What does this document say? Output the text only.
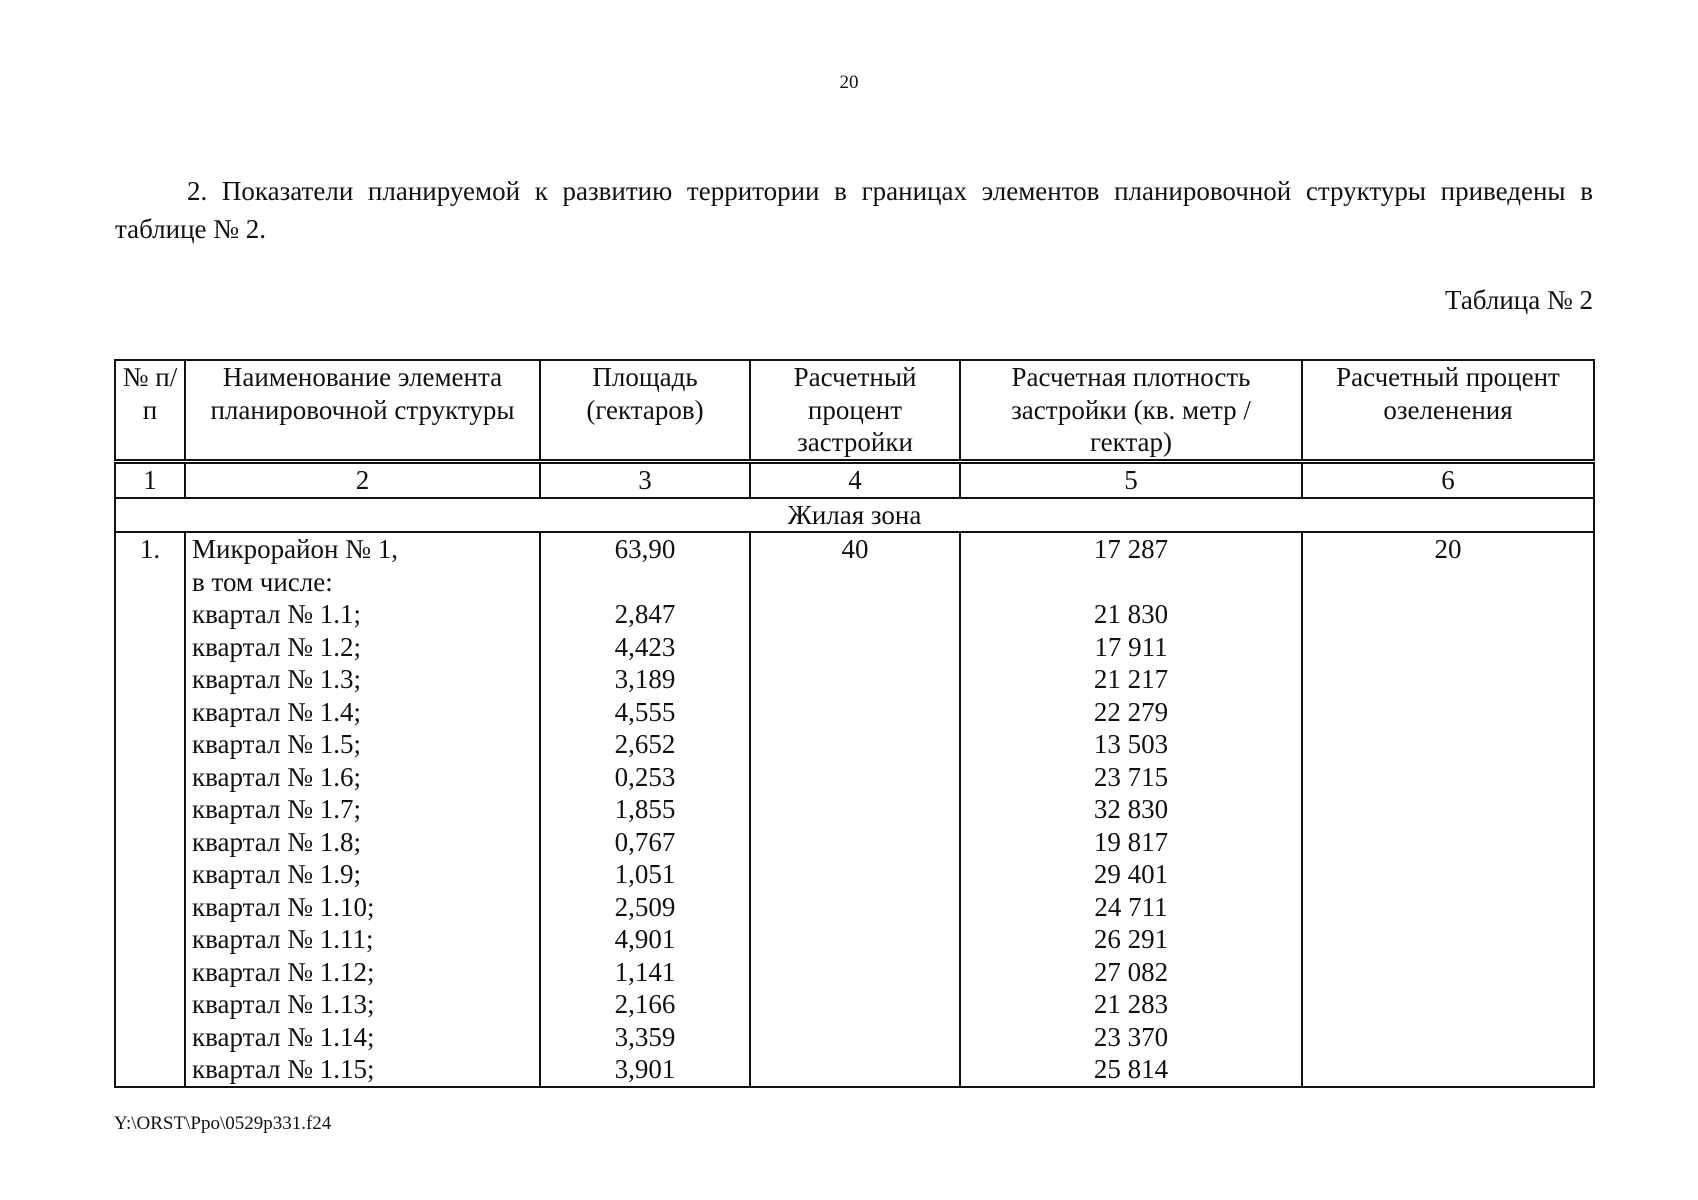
20

2. Показатели планируемой к развитию территории в границах элементов планировочной структуры приведены в таблице № 2.

Таблица № 2
№ п/п	Наименование элемента планировочной структуры	Площадь (гектаров)	Расчетный процент застройки	Расчетная плотность застройки (кв. метр / гектар)	Расчетный процент озеленения
1	2	3	4	5	6
Жилая зона					
1.	Микрорайон № 1,	63,90	40	17 287	20
	в том числе:				
	квартал № 1.1;	2,847		21 830	
	квартал № 1.2;	4,423		17 911	
	квартал № 1.3;	3,189		21 217	
	квартал № 1.4;	4,555		22 279	
	квартал № 1.5;	2,652		13 503	
	квартал № 1.6;	0,253		23 715	
	квартал № 1.7;	1,855		32 830	
	квартал № 1.8;	0,767		19 817	
	квартал № 1.9;	1,051		29 401	
	квартал № 1.10;	2,509		24 711	
	квартал № 1.11;	4,901		26 291	
	квартал № 1.12;	1,141		27 082	
	квартал № 1.13;	2,166		21 283	
	квартал № 1.14;	3,359		23 370	
	квартал № 1.15;	3,901		25 814	
Y:\ORST\Ppo\0529p331.f24
